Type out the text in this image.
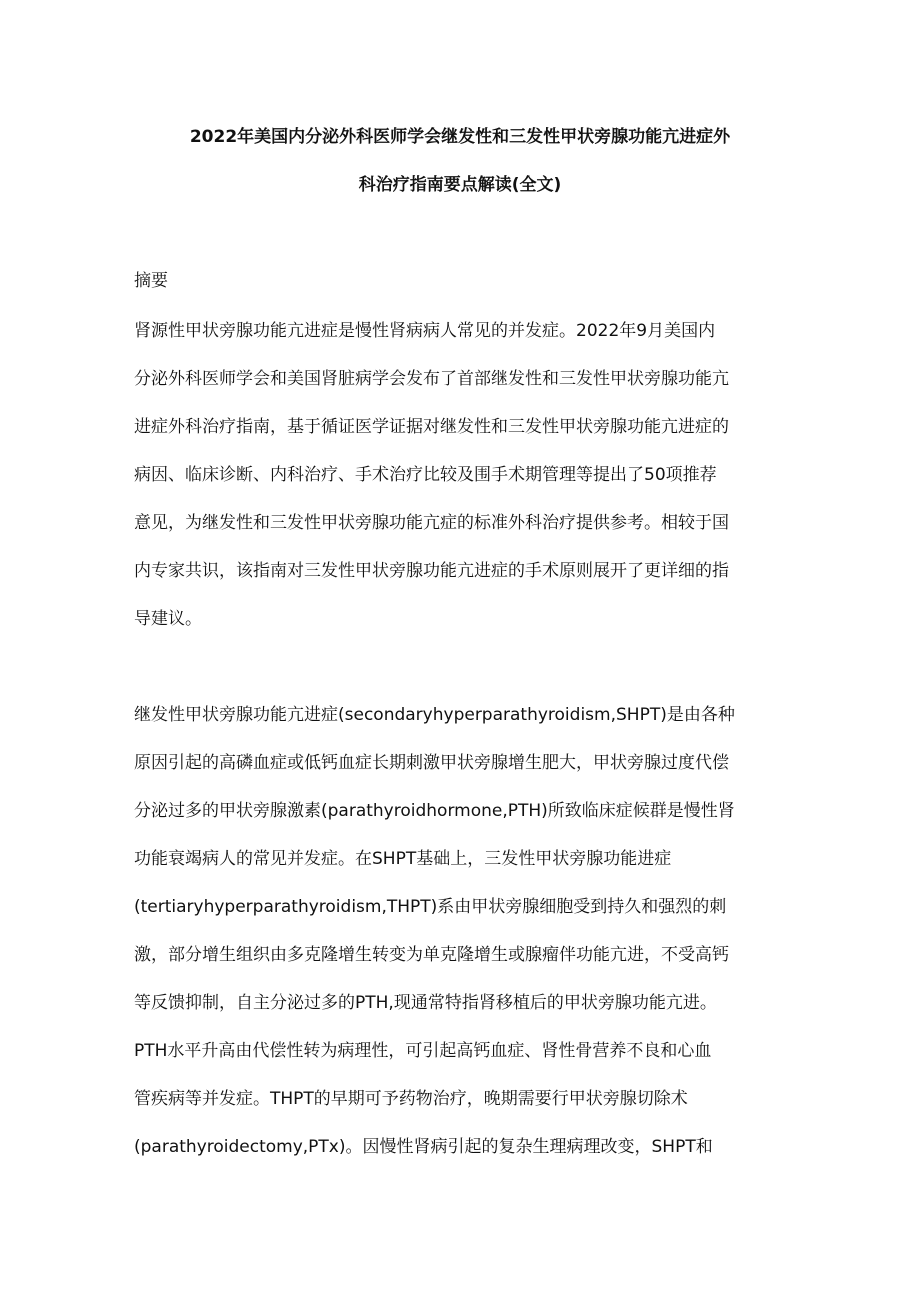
2022年美国内分泌外科医师学会继发性和三发性甲状旁腺功能亢进症外
科治疗指南要点解读(全文)
摘要
肾源性甲状旁腺功能亢进症是慢性肾病病人常见的并发症。2022年9月美国内
分泌外科医师学会和美国肾脏病学会发布了首部继发性和三发性甲状旁腺功能亢
进症外科治疗指南，基于循证医学证据对继发性和三发性甲状旁腺功能亢进症的
病因、临床诊断、内科治疗、手术治疗比较及围手术期管理等提出了50项推荐
意见，为继发性和三发性甲状旁腺功能亢症的标准外科治疗提供参考。相较于国
内专家共识，该指南对三发性甲状旁腺功能亢进症的手术原则展开了更详细的指
导建议。
继发性甲状旁腺功能亢进症(secondaryhyperparathyroidism,SHPT)是由各种
原因引起的高磷血症或低钙血症长期刺激甲状旁腺增生肥大，甲状旁腺过度代偿
分泌过多的甲状旁腺激素(parathyroidhormone,PTH)所致临床症候群是慢性肾
功能衰竭病人的常见并发症。在SHPT基础上，三发性甲状旁腺功能进症
(tertiaryhyperparathyroidism,THPT)系由甲状旁腺细胞受到持久和强烈的刺
激，部分增生组织由多克隆增生转变为单克隆增生或腺瘤伴功能亢进，不受高钙
等反馈抑制，自主分泌过多的PTH,现通常特指肾移植后的甲状旁腺功能亢进。
PTH水平升高由代偿性转为病理性，可引起高钙血症、肾性骨营养不良和心血
管疾病等并发症。THPT的早期可予药物治疗，晚期需要行甲状旁腺切除术
(parathyroidectomy,PTx)。因慢性肾病引起的复杂生理病理改变，SHPT和
